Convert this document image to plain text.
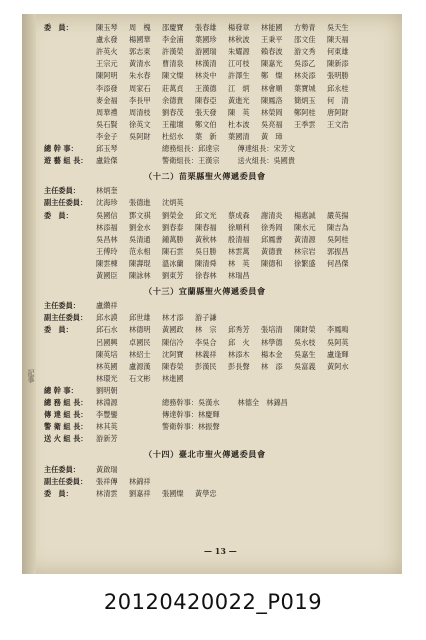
記事
委　員：	陳玉琴 周　槐 邵慶寶 張春雄 楊發章 林能國 方勢青 吳天生
盧永發 楊國華 李金浦 葉國珍 林秋波 王秉平 邵文佳 陳天福
許英火 郭志東 許漢榮 游國瑞 朱耀源 賴春波 游文秀 何東雄
王宗元 黃清水 曹清泉 林漢清 江可枝 陳嘉光 吳添乙 陳新添
陳阿明 朱水春 陳文燦 林炎中 許澤生 鄭　燦 林炎添 張明勝
李添發 周家石 莊萬貞 王漢德 江　炳 林會順 葉寶城 邱永桂
麥金福 李長甲 余德貴 陳春亞 黃進光 陳鳳洛 簡炳玉 何　清
周華禮 周清枝 劉春茂 張天發 陳　英 林榮岡 鄭阿桂 唐阿財
吳石賢 徐英文 王龍壇 鄭文伯 杜本波 吳亮福 王季雲 王文浩
李金子 吳阿財 杜紹水 葉　新 葉國清 黃　璋
總 幹 事：	邱玉琴	總務組長：邱達宗	傳達組長：宋芳文
遊 藝 組 長： 盧銓傑	警衛組長：王漢宗	送火組長：吳國貴
（十二）苗栗縣聖火傳遞委員會
主任委員： 林炳奎
副主任委員： 沈海珍 張德進 沈炳英
委　員：	吳國信 鄧文祺 劉榮金 邱文光 蔡成森 謝清炎 楊惠誠 嚴英揚
林添福 劉金水 劉春泰 陳春福 徐順利 徐秀岡 陳水元 陳吉為
吳昌林 吳清通 鍾萬勝 黃秋林 殷清福 邱鳳書 黃清源 吳阿桂
王傅玲 范永相 陳石雲 吳日勝 林雲萬 黃德貴 林宗岩 郭振昌
陳雲棟 陳壽琨 溫冰蘭 陳清舜 林　英 陳德和 徐繁盛 何昌傑
黃國臣 陳詠林 劉東芳 徐春林 林瑞昌
（十三）宜蘭縣聖火傳遞委員會
主任委員： 盧纘祥
副主任委員： 邱水謨 邱世雄 林才添 游子謙
委　員：	邱石水 林德明 黃國政 林　宗 邱秀芳 張培清 陳財榮 李鳳鳴
呂國興 卓國民 陳信冷 李吳合 邱　火 林學德 吳水枝 吳阿英
陳英培 林紹士 沈阿寶 林義祥 林添木 楊本金 吳嘉生 盧逢輝
林英國 盧源漢 陳春榮 彭漢民 彭長聲 林　添 吳富義 黃阿水
林環光 石文彬 林進國
總 幹 事：	劉明朝
總 務 組 長： 林淵源	總務幹事：吳漢水	林德全　林錦昌
傳 達 組 長： 李豐鑾	傳達幹事：林慶輝
警 衛 組 長： 林其英	警衛幹事：林振聲
送 火 組 長： 游新芳
（十四）臺北市聖火傳遞委員會
主任委員： 黃啟瑞
副主任委員： 張祥傳 林錦祥
委　員：	林清雲 劉嘉祥 張國燦 黃學忠
— 13 —
20120420022_P019
